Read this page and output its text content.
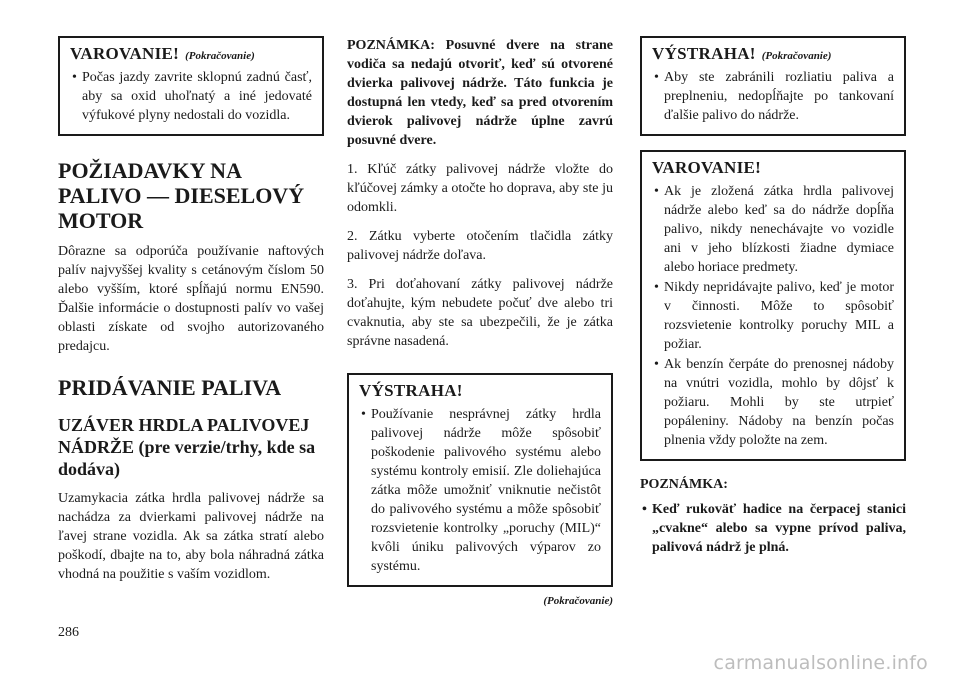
VAROVANIE! (Pokračovanie)
• Počas jazdy zavrite sklopnú zadnú časť, aby sa oxid uhoľnatý a iné jedovaté výfukové plyny nedostali do vozidla.
POŽIADAVKY NA PALIVO — DIESELOVÝ MOTOR

Dôrazne sa odporúča používanie naftových palív najvyššej kvality s cetánovým číslom 50 alebo vyšším, ktoré spĺňajú normu EN590. Ďalšie informácie o dostupnosti palív vo vašej oblasti získate od svojho autorizovaného predajcu.

PRIDÁVANIE PALIVA
UZÁVER HRDLA PALIVOVEJ NÁDRŽE (pre verzie/trhy, kde sa dodáva)

Uzamykacia zátka hrdla palivovej nádrže sa nachádza za dvierkami palivovej nádrže na ľavej strane vozidla. Ak sa zátka stratí alebo poškodí, dbajte na to, aby bola náhradná zátka vhodná na použitie s vaším vozidlom.

POZNÁMKA: Posuvné dvere na strane vodiča sa nedajú otvoriť, keď sú otvorené dvierka palivovej nádrže. Táto funkcia je dostupná len vtedy, keď sa pred otvorením dvierok palivovej nádrže úplne zavrú posuvné dvere.

1. Kľúč zátky palivovej nádrže vložte do kľúčovej zámky a otočte ho doprava, aby ste ju odomkli.

2. Zátku vyberte otočením tlačidla zátky palivovej nádrže doľava.

3. Pri doťahovaní zátky palivovej nádrže doťahujte, kým nebudete počuť dve alebo tri cvaknutia, aby ste sa ubezpečili, že je zátka správne nasadená.

VÝSTRAHA!
• Používanie nesprávnej zátky hrdla palivovej nádrže môže spôsobiť poškodenie palivového systému alebo systému kontroly emisií. Zle doliehajúca zátka môže umožniť vniknutie nečistôt do palivového systému a môže spôsobiť rozsvietenie kontrolky „poruchy (MIL)“ kvôli úniku palivových výparov zo systému.
(Pokračovanie)
VÝSTRAHA! (Pokračovanie)
• Aby ste zabránili rozliatiu paliva a preplneniu, nedopĺňajte po tankovaní ďalšie palivo do nádrže.
VAROVANIE!
• Ak je zložená zátka hrdla palivovej nádrže alebo keď sa do nádrže dopĺňa palivo, nikdy nenechávajte vo vozidle ani v jeho blízkosti žiadne dymiace alebo horiace predmety.
• Nikdy nepridávajte palivo, keď je motor v činnosti. Môže to spôsobiť rozsvietenie kontrolky poruchy MIL a požiar.
• Ak benzín čerpáte do prenosnej nádoby na vnútri vozidla, mohlo by dôjsť k požiaru. Mohli by ste utrpieť popáleniny. Nádoby na benzín počas plnenia vždy položte na zem.
POZNÁMKA:
• Keď rukoväť hadice na čerpacej stanici „cvakne“ alebo sa vypne prívod paliva, palivová nádrž je plná.
286
carmanualsonline.info
